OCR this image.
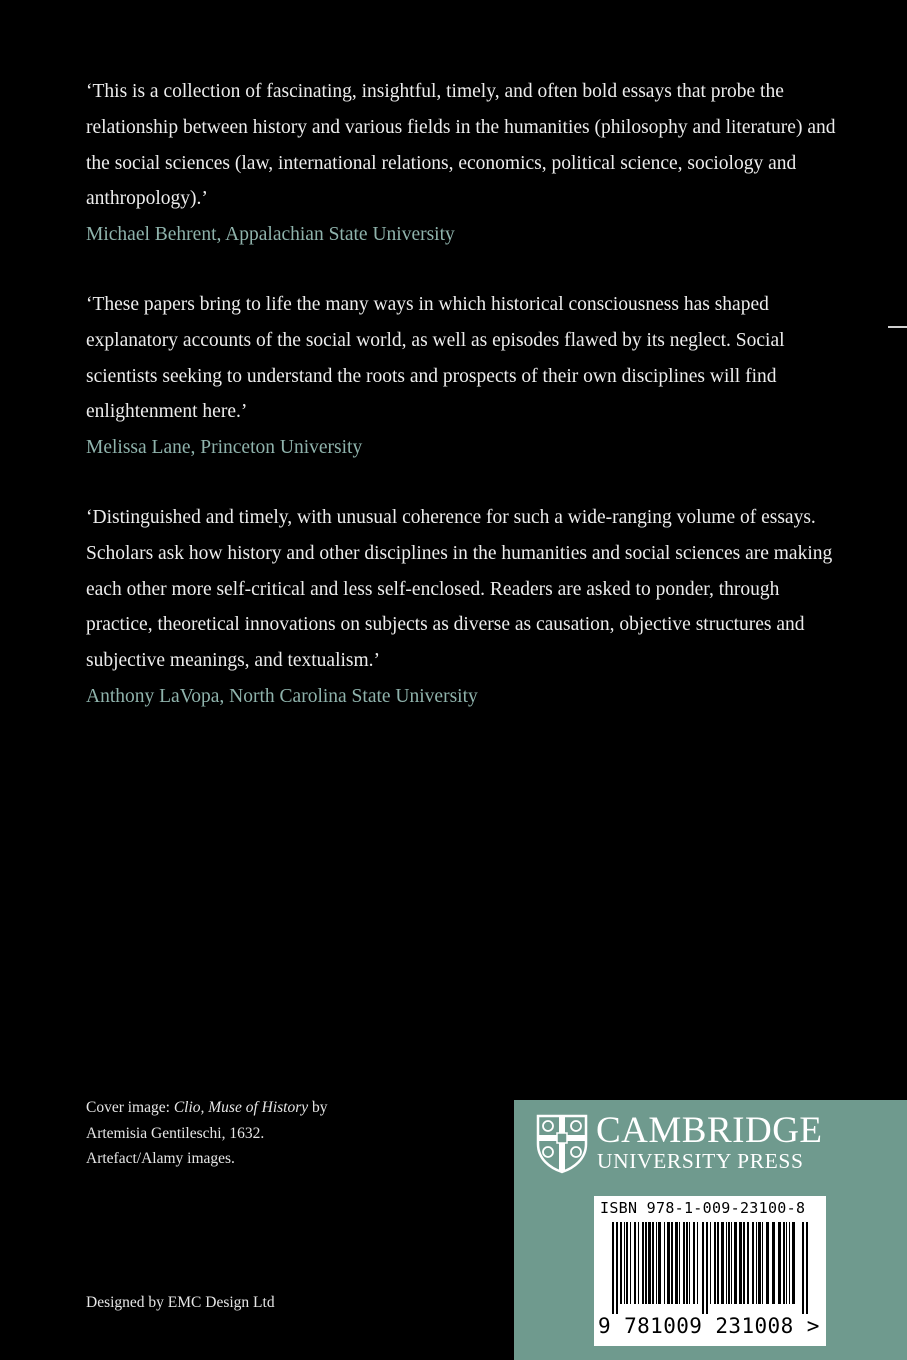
‘This is a collection of fascinating, insightful, timely, and often bold essays that probe the relationship between history and various fields in the humanities (philosophy and literature) and the social sciences (law, international relations, economics, political science, sociology and anthropology).’

Michael Behrent, Appalachian State University

‘These papers bring to life the many ways in which historical consciousness has shaped explanatory accounts of the social world, as well as episodes flawed by its neglect. Social scientists seeking to understand the roots and prospects of their own disciplines will find enlightenment here.’

Melissa Lane, Princeton University

‘Distinguished and timely, with unusual coherence for such a wide-ranging volume of essays. Scholars ask how history and other disciplines in the humanities and social sciences are making each other more self-critical and less self-enclosed. Readers are asked to ponder, through practice, theoretical innovations on subjects as diverse as causation, objective structures and subjective meanings, and textualism.’

Anthony LaVopa, North Carolina State University

Cover image: Clio, Muse of History by

Artemisia Gentileschi, 1632.

Artefact/Alamy images.

Designed by EMC Design Ltd
CAMBRIDGE
UNIVERSITY PRESS
ISBN 978-1-009-23100-8
9 781009 231008 >
